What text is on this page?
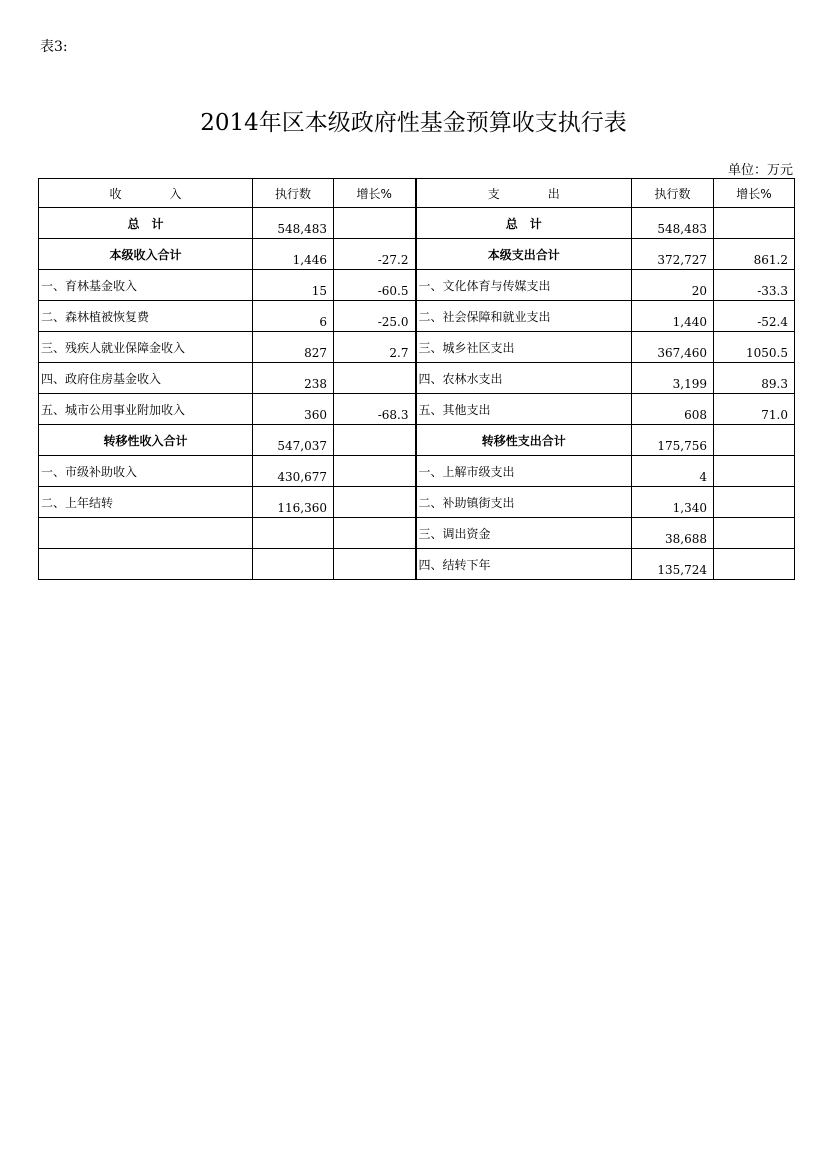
表3:
2014年区本级政府性基金预算收支执行表
单位：万元
收　　　　入	执行数	增长%	支　　　　出	执行数	增长%
总　计	548,483		总　计	548,483	
本级收入合计	1,446	-27.2	本级支出合计	372,727	861.2
一、育林基金收入	15	-60.5	一、文化体育与传媒支出	20	-33.3
二、森林植被恢复费	6	-25.0	二、社会保障和就业支出	1,440	-52.4
三、残疾人就业保障金收入	827	2.7	三、城乡社区支出	367,460	1050.5
四、政府住房基金收入	238		四、农林水支出	3,199	89.3
五、城市公用事业附加收入	360	-68.3	五、其他支出	608	71.0
转移性收入合计	547,037		转移性支出合计	175,756	
一、市级补助收入	430,677		一、上解市级支出	4	
二、上年结转	116,360		二、补助镇街支出	1,340	
			三、调出资金	38,688	
			四、结转下年	135,724	
